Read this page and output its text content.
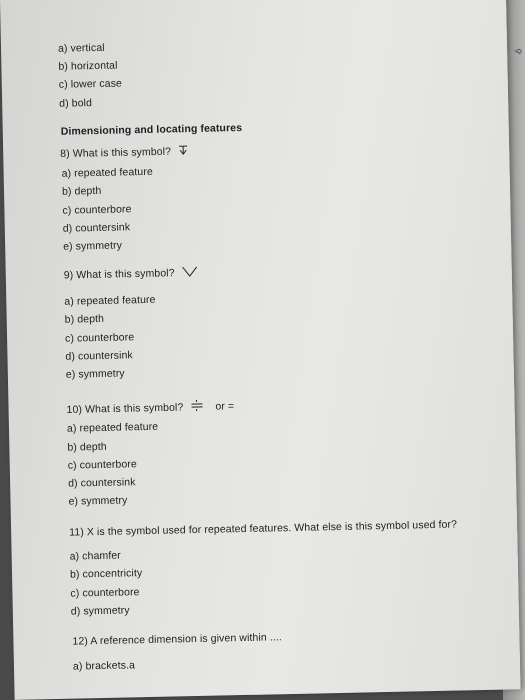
b
a) vertical
b) horizontal
c) lower case
d) bold
Dimensioning and locating features
8) What is this symbol?
a) repeated feature
b) depth
c) counterbore
d) countersink
e) symmetry
9) What is this symbol?
a) repeated feature
b) depth
c) counterbore
d) countersink
e) symmetry
10) What is this symbol?	or =
a) repeated feature
b) depth
c) counterbore
d) countersink
e) symmetry
11) X is the symbol used for repeated features. What else is this symbol used for?
a) chamfer
b) concentricity
c) counterbore
d) symmetry
12) A reference dimension is given within ....
a) brackets.a
